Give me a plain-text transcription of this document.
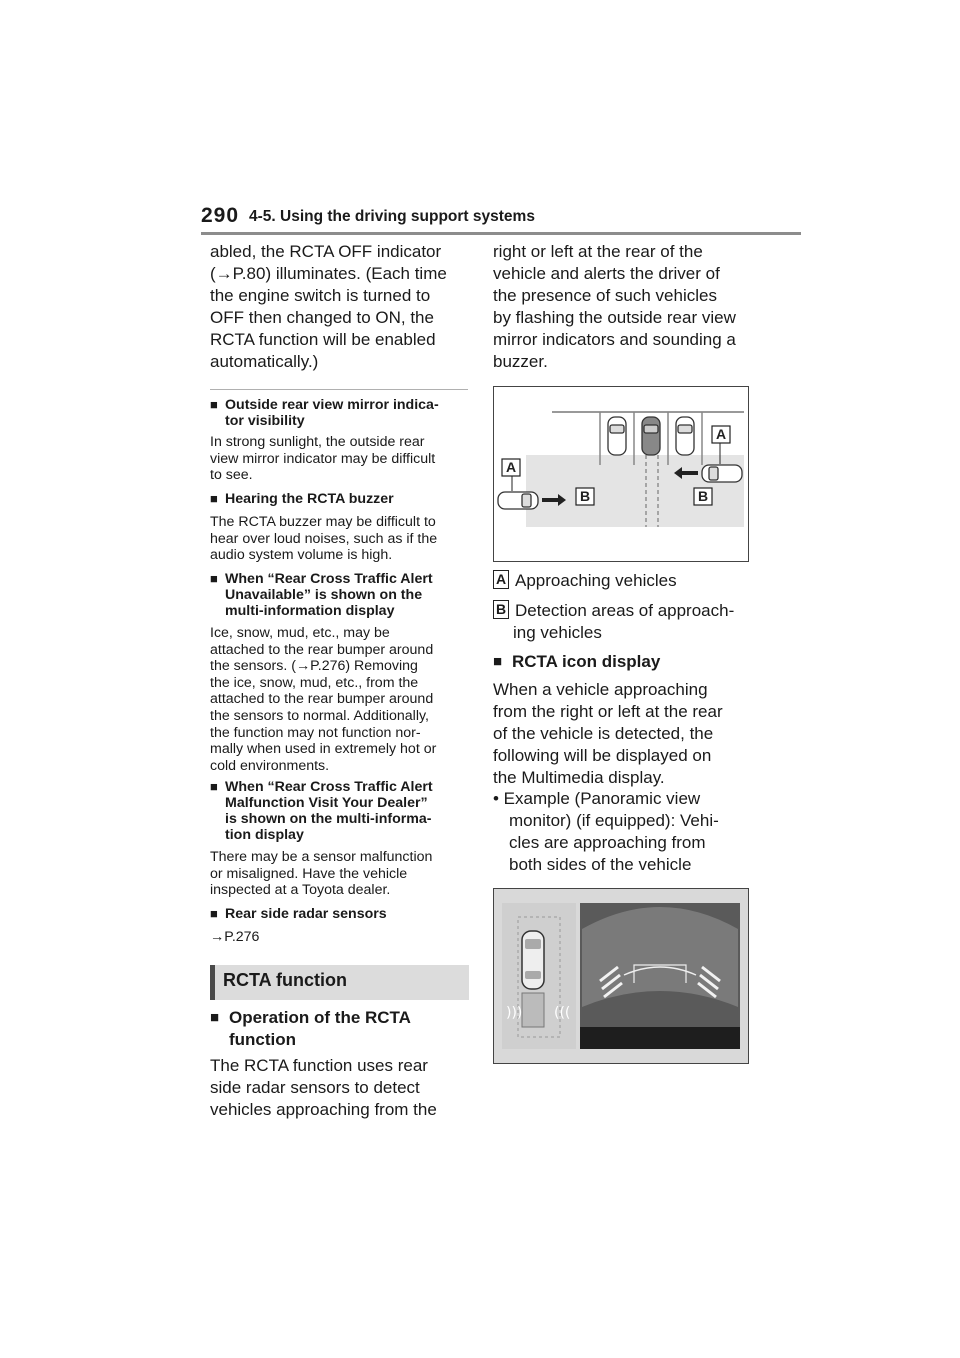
290 4-5. Using the driving support systems
abled, the RCTA OFF indicator
(→P.80) illuminates. (Each time
the engine switch is turned to
OFF then changed to ON, the
RCTA function will be enabled
automatically.)
■ Outside rear view mirror indica-
tor visibility
In strong sunlight, the outside rear
view mirror indicator may be difficult
to see.
■ Hearing the RCTA buzzer
The RCTA buzzer may be difficult to
hear over loud noises, such as if the
audio system volume is high.
■ When “Rear Cross Traffic Alert
Unavailable” is shown on the
multi-information display
Ice, snow, mud, etc., may be
attached to the rear bumper around
the sensors. (→P.276) Removing
the ice, snow, mud, etc., from the
attached to the rear bumper around
the sensors to normal. Additionally,
the function may not function nor-
mally when used in extremely hot or
cold environments.
■ When “Rear Cross Traffic Alert
Malfunction Visit Your Dealer”
is shown on the multi-informa-
tion display
There may be a sensor malfunction
or misaligned. Have the vehicle
inspected at a Toyota dealer.
■ Rear side radar sensors
→P.276
RCTA function
■ Operation of the RCTA
function
The RCTA function uses rear
side radar sensors to detect
vehicles approaching from the
right or left at the rear of the
vehicle and alerts the driver of
the presence of such vehicles
by flashing the outside rear view
mirror indicators and sounding a
buzzer.
A
A
B	B
A Approaching vehicles
B Detection areas of approach-
ing vehicles
■ RCTA icon display
When a vehicle approaching
from the right or left at the rear
of the vehicle is detected, the
following will be displayed on
the Multimedia display.
• Example (Panoramic view
monitor) (if equipped): Vehi-
cles are approaching from
both sides of the vehicle
))) (((
